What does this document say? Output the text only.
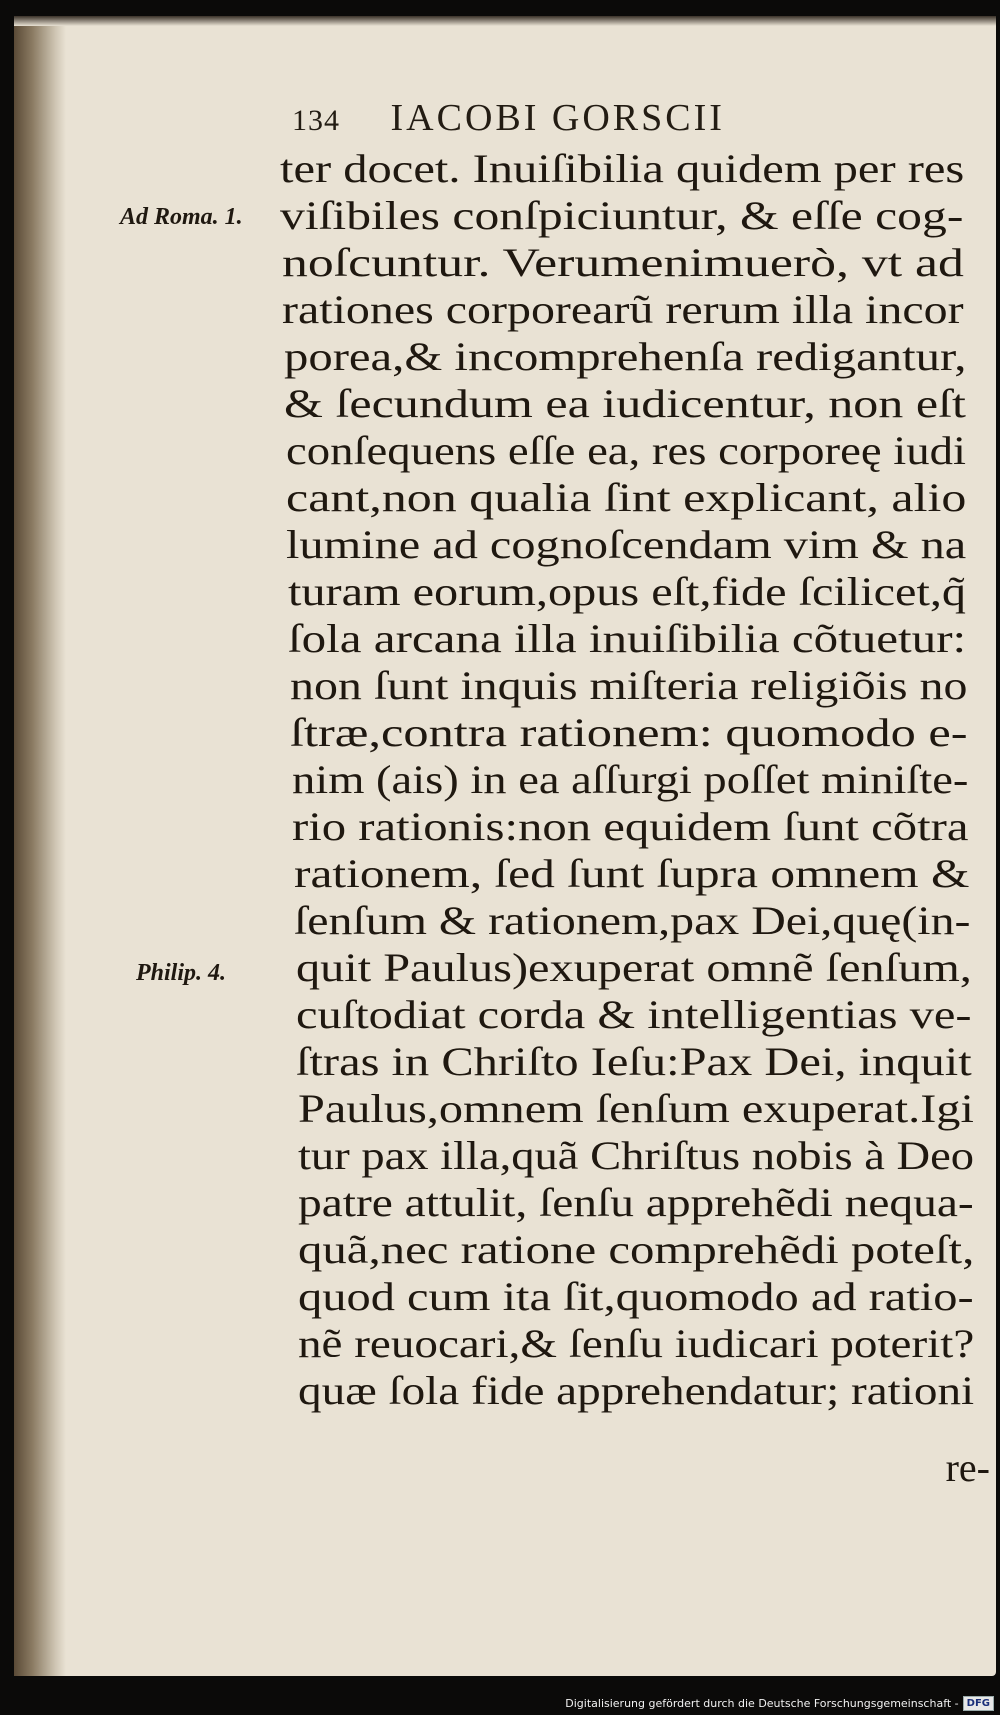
134 IACOBI GORSCII
ter docet. Inuiſibilia quidem per res
viſibiles conſpiciuntur, & eſſe cog-
noſcuntur. Verumenimuerò, vt ad
rationes corporearũ rerum illa incor
porea,& incomprehenſa redigantur,
& ſecundum ea iudicentur, non eſt
conſequens eſſe ea, res corporeę iudi
cant,non qualia ſint explicant, alio
lumine ad cognoſcendam vim & na
turam eorum,opus eſt,fide ſcilicet,q̃
ſola arcana illa inuiſibilia cõtuetur:
non ſunt inquis miſteria religiõis no
ſtræ,contra rationem: quomodo e-
nim (ais) in ea aſſurgi poſſet miniſte-
rio rationis:non equidem ſunt cõtra
rationem, ſed ſunt ſupra omnem &
ſenſum & rationem,pax Dei,quę(in-
quit Paulus)exuperat omnẽ ſenſum,
cuſtodiat corda & intelligentias ve-
ſtras in Chriſto Ieſu:Pax Dei, inquit
Paulus,omnem ſenſum exuperat.Igi
tur pax illa,quã Chriſtus nobis à Deo
patre attulit, ſenſu apprehẽdi nequa-
quã,nec ratione comprehẽdi poteſt,
quod cum ita ſit,quomodo ad ratio-
nẽ reuocari,& ſenſu iudicari poterit?
quæ ſola fide apprehendatur; rationi
Ad Roma. 1.
Philip. 4.
re-
Digitalisierung gefördert durch die Deutsche Forschungsgemeinschaft - DFG
